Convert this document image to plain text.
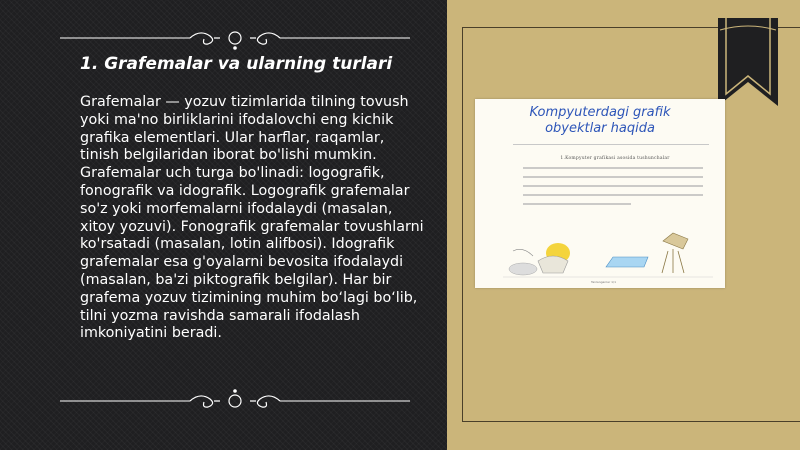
1. Grafemalar va ularning turlari
Grafemalar — yozuv tizimlarida tilning tovush yoki ma'no birliklarini ifodalovchi eng kichik grafika elementlari. Ular harflar, raqamlar, tinish belgilaridan iborat bo'lishi mumkin. Grafemalar uch turga bo'linadi: logografik, fonografik va idografik. Logografik grafemalar so'z yoki morfemalarni ifodalaydi (masalan, xitoy yozuvi). Fonografik grafemalar tovushlarni ko'rsatadi (masalan, lotin alifbosi). Idografik grafemalar esa g'oyalarni bevosita ifodalaydi (masalan, ba'zi piktografik belgilar). Har bir grafema yozuv tizimining muhim bo‘lagi bo‘lib, tilni yozma ravishda samarali ifodalash imkoniyatini beradi.
Kompyuterdagi grafik
obyektlar haqida
1.Kompyuter grafikasi asosida tushunchalar
Tanlanganlar 1/1
